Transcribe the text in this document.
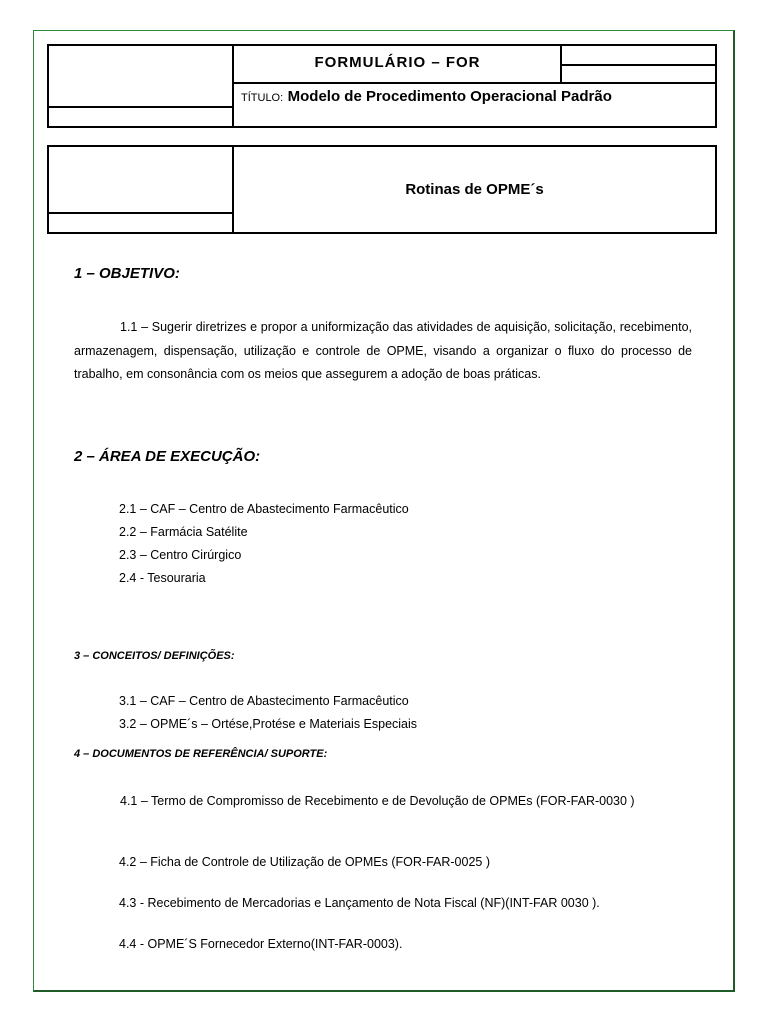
FORMULÁRIO – FOR
TÍTULO: Modelo de Procedimento Operacional Padrão
Rotinas de OPME´s
1 – OBJETIVO:

1.1 – Sugerir diretrizes e propor a uniformização das atividades de aquisição, solicitação, recebimento, armazenagem, dispensação, utilização e controle de OPME, visando a organizar o fluxo do processo de trabalho, em consonância com os meios que assegurem a adoção de boas práticas.

2 – ÁREA DE EXECUÇÃO:
2.1 – CAF – Centro de Abastecimento Farmacêutico
2.2 – Farmácia Satélite
2.3 – Centro Cirúrgico
2.4 - Tesouraria
3 – CONCEITOS/ DEFINIÇÕES:
3.1 – CAF – Centro de Abastecimento Farmacêutico
3.2 – OPME´s – Ortése,Protése e Materiais Especiais
4 – DOCUMENTOS DE REFERÊNCIA/ SUPORTE:

4.1 – Termo de Compromisso de Recebimento e de Devolução de OPMEs (FOR-FAR-0030 )

4.2 – Ficha de Controle de Utilização de OPMEs (FOR-FAR-0025 )
4.3 - Recebimento de Mercadorias e Lançamento de Nota Fiscal (NF)(INT-FAR 0030 ).
4.4 - OPME´S Fornecedor Externo(INT-FAR-0003).
